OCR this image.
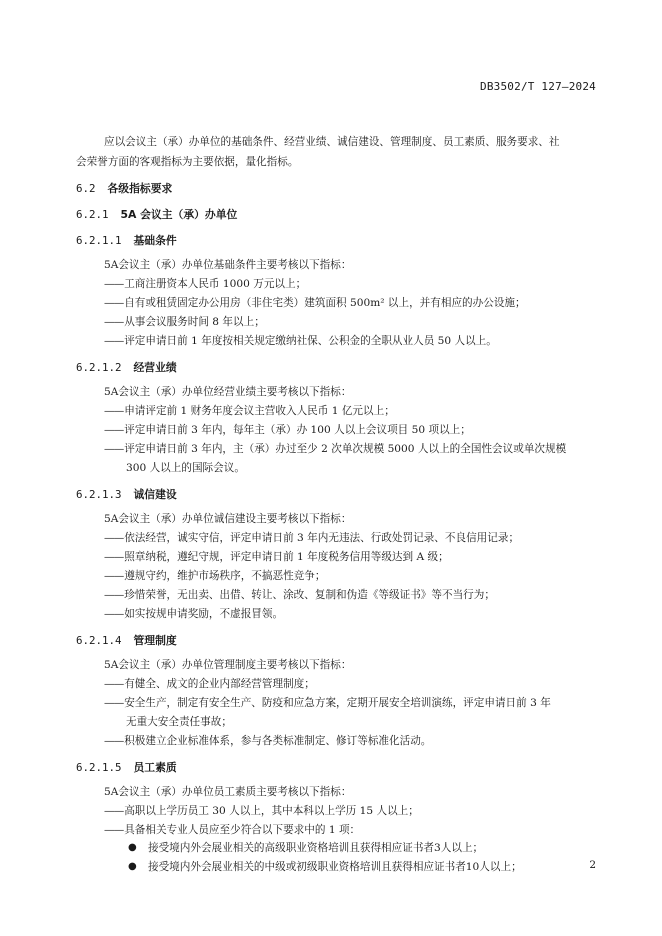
DB3502/T 127—2024
应以会议主（承）办单位的基础条件、经营业绩、诚信建设、管理制度、员工素质、服务要求、社
会荣誉方面的客观指标为主要依据，量化指标。
6.2 各级指标要求
6.2.1 5A 会议主（承）办单位
6.2.1.1 基础条件
5A会议主（承）办单位基础条件主要考核以下指标：
——工商注册资本人民币 1000 万元以上；
——自有或租赁固定办公用房（非住宅类）建筑面积 500m² 以上，并有相应的办公设施；
——从事会议服务时间 8 年以上；
——评定申请日前 1 年度按相关规定缴纳社保、公积金的全职从业人员 50 人以上。
6.2.1.2 经营业绩
5A会议主（承）办单位经营业绩主要考核以下指标：
——申请评定前 1 财务年度会议主营收入人民币 1 亿元以上；
——评定申请日前 3 年内，每年主（承）办 100 人以上会议项目 50 项以上；
——评定申请日前 3 年内，主（承）办过至少 2 次单次规模 5000 人以上的全国性会议或单次规模
300 人以上的国际会议。
6.2.1.3 诚信建设
5A会议主（承）办单位诚信建设主要考核以下指标：
——依法经营，诚实守信，评定申请日前 3 年内无违法、行政处罚记录、不良信用记录；
——照章纳税，遵纪守规，评定申请日前 1 年度税务信用等级达到 A 级；
——遵规守约，维护市场秩序，不搞恶性竞争；
——珍惜荣誉，无出卖、出借、转让、涂改、复制和伪造《等级证书》等不当行为；
——如实按规申请奖励，不虚报冒领。
6.2.1.4 管理制度
5A会议主（承）办单位管理制度主要考核以下指标：
——有健全、成文的企业内部经营管理制度；
——安全生产，制定有安全生产、防疫和应急方案，定期开展安全培训演练，评定申请日前 3 年
无重大安全责任事故；
——积极建立企业标准体系，参与各类标准制定、修订等标准化活动。
6.2.1.5 员工素质
5A会议主（承）办单位员工素质主要考核以下指标：
——高职以上学历员工 30 人以上，其中本科以上学历 15 人以上；
——具备相关专业人员应至少符合以下要求中的 1 项：
● 接受境内外会展业相关的高级职业资格培训且获得相应证书者3人以上；
● 接受境内外会展业相关的中级或初级职业资格培训且获得相应证书者10人以上；	2
